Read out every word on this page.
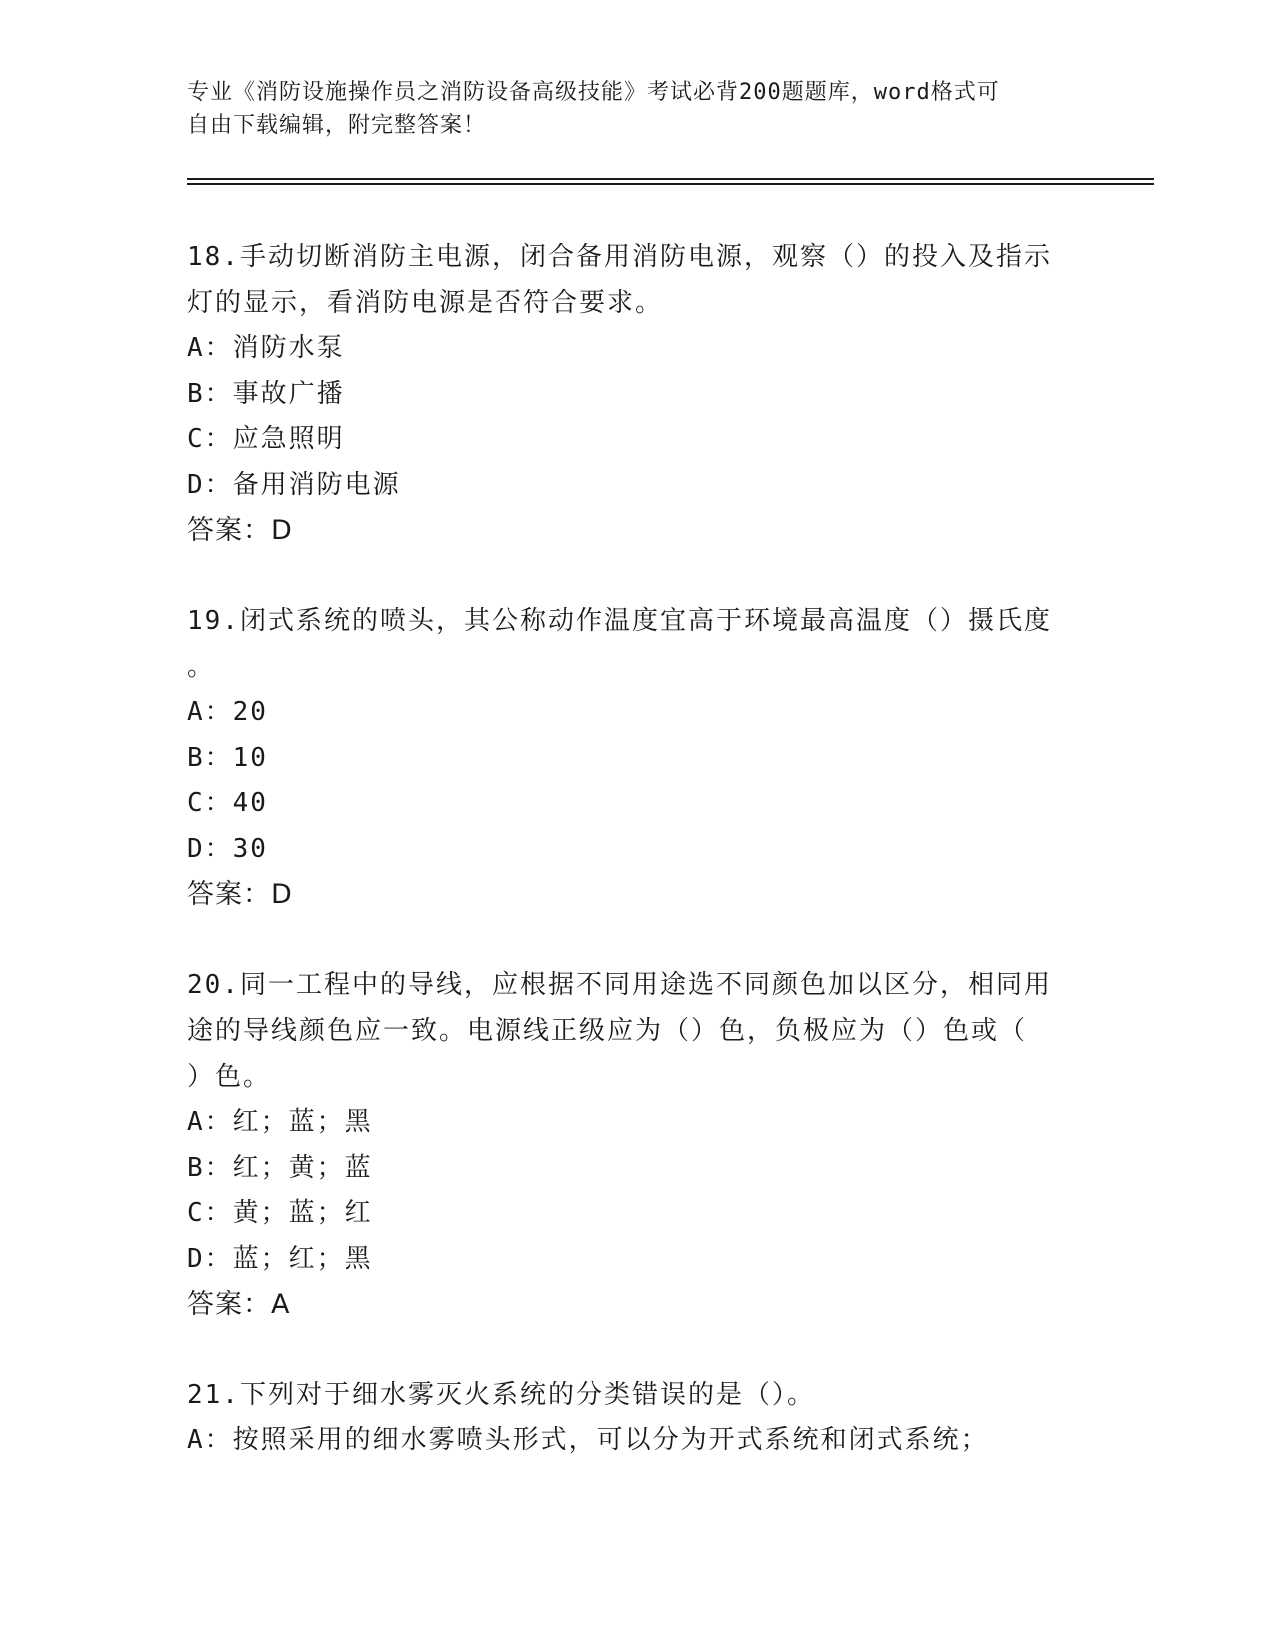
专业《消防设施操作员之消防设备高级技能》考试必背200题题库，word格式可
自由下载编辑，附完整答案！

18.手动切断消防主电源，闭合备用消防电源，观察（）的投入及指示

灯的显示，看消防电源是否符合要求。

A：消防水泵

B：事故广播

C：应急照明

D：备用消防电源

答案：D

19.闭式系统的喷头，其公称动作温度宜高于环境最高温度（）摄氏度

。

A：20

B：10

C：40

D：30

答案：D

20.同一工程中的导线，应根据不同用途选不同颜色加以区分，相同用

途的导线颜色应一致。电源线正级应为（）色，负极应为（）色或（

）色。

A：红；蓝；黑

B：红；黄；蓝

C：黄；蓝；红

D：蓝；红；黑

答案：A

21.下列对于细水雾灭火系统的分类错误的是（）。

A：按照采用的细水雾喷头形式，可以分为开式系统和闭式系统；
